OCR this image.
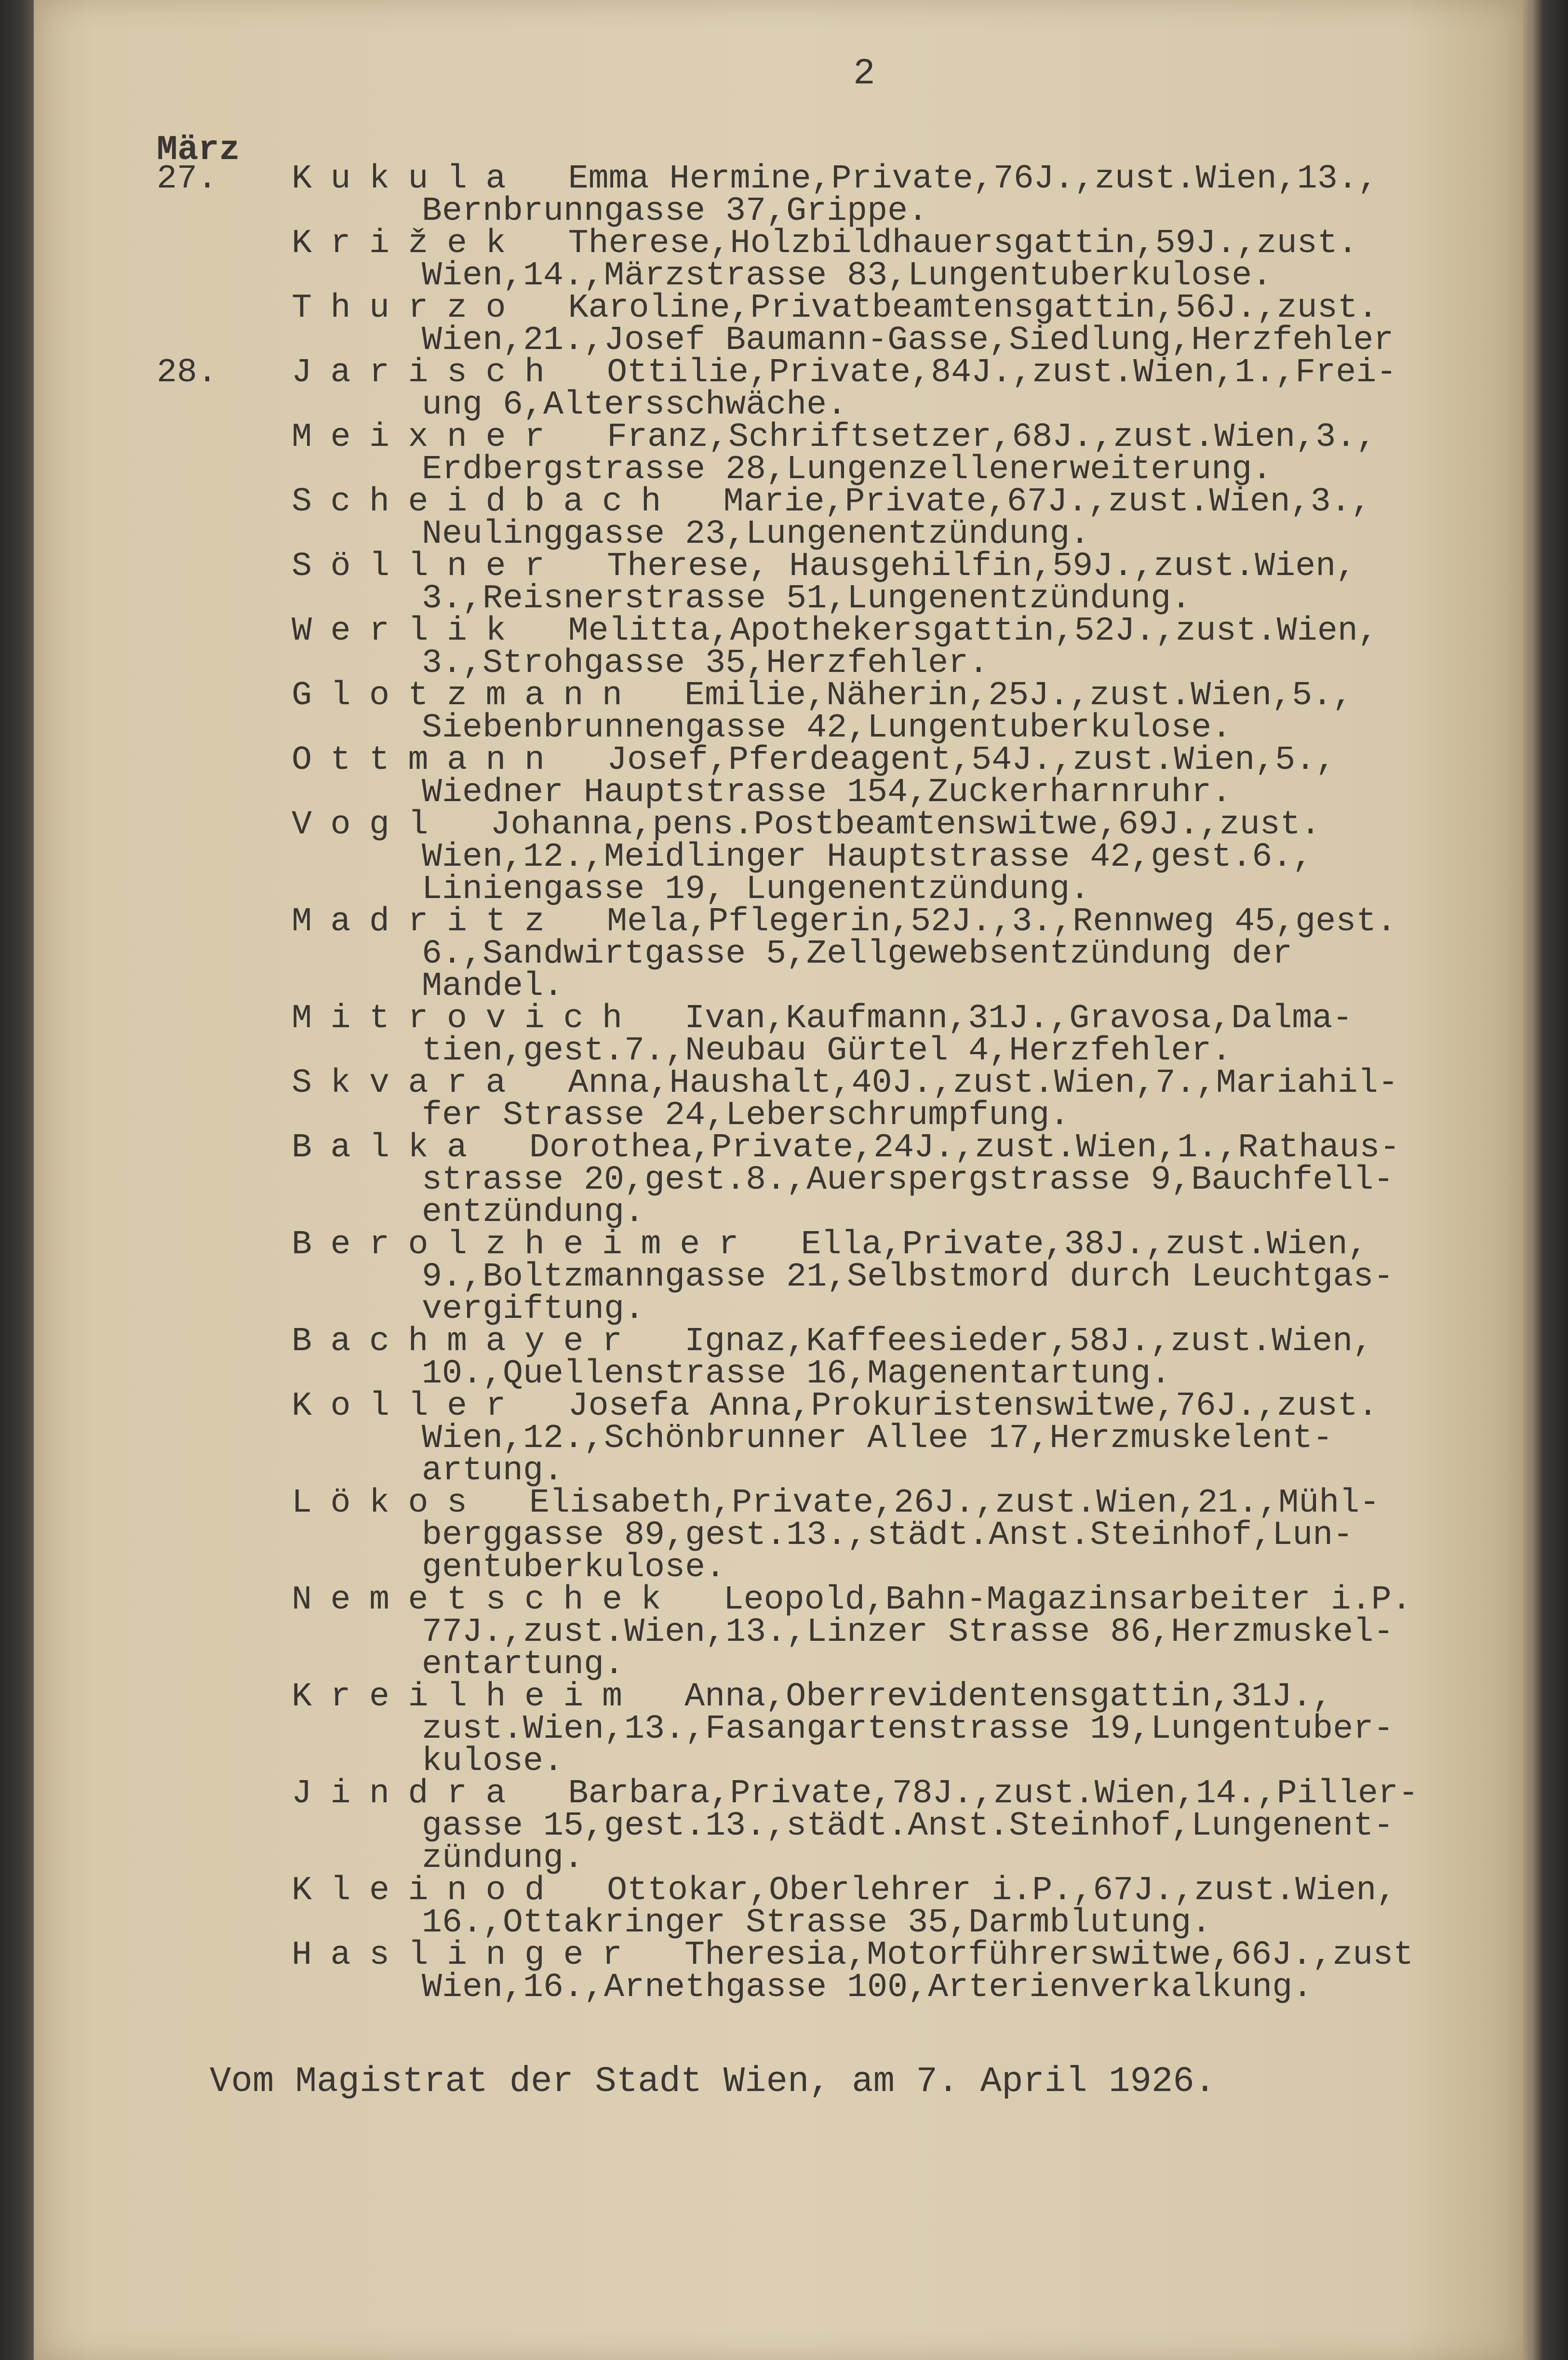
2
März
27.	Kukula Emma Hermine,Private,76J.,zust.Wien,13.,
Bernbrunngasse 37,Grippe.
Križek Therese,Holzbildhauersgattin,59J.,zust.
Wien,14.,Märzstrasse 83,Lungentuberkulose.
Thurzo Karoline,Privatbeamtensgattin,56J.,zust.
Wien,21.,Josef Baumann-Gasse,Siedlung,Herzfehler
28.	Jarisch Ottilie,Private,84J.,zust.Wien,1.,Frei-
ung 6,Altersschwäche.
Meixner Franz,Schriftsetzer,68J.,zust.Wien,3.,
Erdbergstrasse 28,Lungenzellenerweiterung.
Scheidbach Marie,Private,67J.,zust.Wien,3.,
Neulinggasse 23,Lungenentzündung.
Söllner Therese, Hausgehilfin,59J.,zust.Wien,
3.,Reisnerstrasse 51,Lungenentzündung.
Werlik Melitta,Apothekersgattin,52J.,zust.Wien,
3.,Strohgasse 35,Herzfehler.
Glotzmann Emilie,Näherin,25J.,zust.Wien,5.,
Siebenbrunnengasse 42,Lungentuberkulose.
Ottmann Josef,Pferdeagent,54J.,zust.Wien,5.,
Wiedner Hauptstrasse 154,Zuckerharnruhr.
Vogl Johanna,pens.Postbeamtenswitwe,69J.,zust.
Wien,12.,Meidlinger Hauptstrasse 42,gest.6.,
Liniengasse 19, Lungenentzündung.
Madritz Mela,Pflegerin,52J.,3.,Rennweg 45,gest.
6.,Sandwirtgasse 5,Zellgewebsentzündung der
Mandel.
Mitrovich Ivan,Kaufmann,31J.,Gravosa,Dalma-
tien,gest.7.,Neubau Gürtel 4,Herzfehler.
Skvara Anna,Haushalt,40J.,zust.Wien,7.,Mariahil-
fer Strasse 24,Leberschrumpfung.
Balka Dorothea,Private,24J.,zust.Wien,1.,Rathaus-
strasse 20,gest.8.,Auerspergstrasse 9,Bauchfell-
entzündung.
Berolzheimer Ella,Private,38J.,zust.Wien,
9.,Boltzmanngasse 21,Selbstmord durch Leuchtgas-
vergiftung.
Bachmayer Ignaz,Kaffeesieder,58J.,zust.Wien,
10.,Quellenstrasse 16,Magenentartung.
Koller Josefa Anna,Prokuristenswitwe,76J.,zust.
Wien,12.,Schönbrunner Allee 17,Herzmuskelent-
artung.
Lökos Elisabeth,Private,26J.,zust.Wien,21.,Mühl-
berggasse 89,gest.13.,städt.Anst.Steinhof,Lun-
gentuberkulose.
Nemetschek Leopold,Bahn-Magazinsarbeiter i.P.
77J.,zust.Wien,13.,Linzer Strasse 86,Herzmuskel-
entartung.
Kreilheim Anna,Oberrevidentensgattin,31J.,
zust.Wien,13.,Fasangartenstrasse 19,Lungentuber-
kulose.
Jindra Barbara,Private,78J.,zust.Wien,14.,Piller-
gasse 15,gest.13.,städt.Anst.Steinhof,Lungenent-
zündung.
Kleinod Ottokar,Oberlehrer i.P.,67J.,zust.Wien,
16.,Ottakringer Strasse 35,Darmblutung.
Haslinger Theresia,Motorführerswitwe,66J.,zust
Wien,16.,Arnethgasse 100,Arterienverkalkung.
Vom Magistrat der Stadt Wien, am 7. April 1926.
